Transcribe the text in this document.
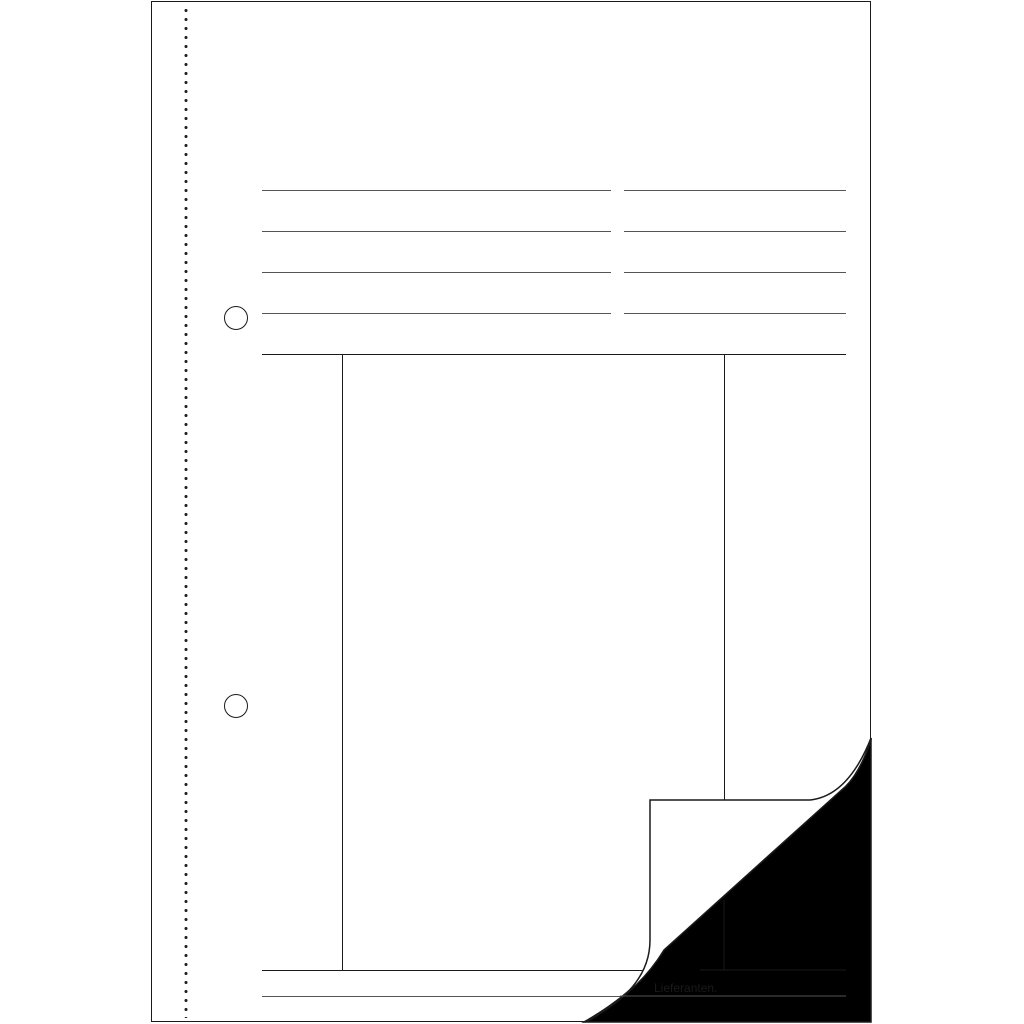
Lieferanten.
